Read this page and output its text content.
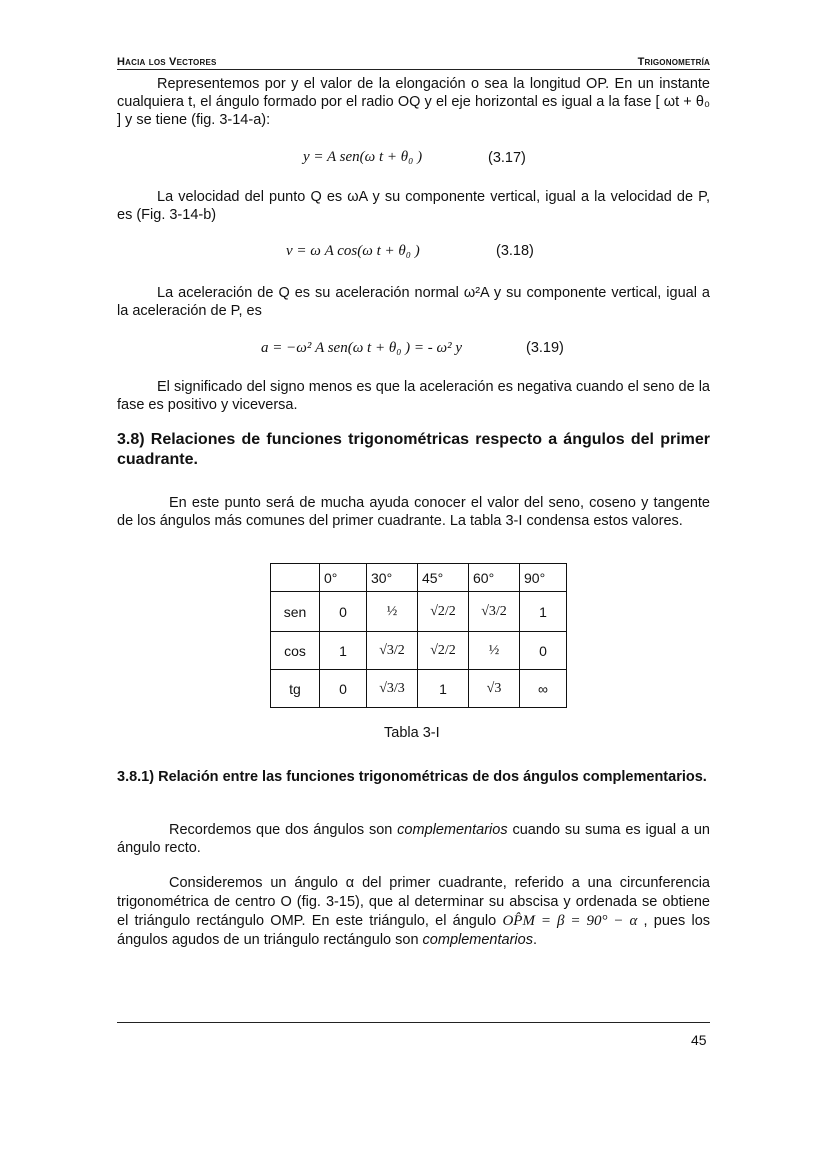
Hacia los Vectores	Trigonometría
Representemos por y el valor de la elongación o sea la longitud OP. En un instante cualquiera t, el ángulo formado por el radio OQ y el eje horizontal es igual a la fase [ ωt + θ₀ ] y se tiene (fig. 3-14-a):
y = A sen(ω t + θ₀ )	(3.17)
La velocidad del punto Q es ωA y su componente vertical, igual a la velocidad de P, es (Fig. 3-14-b)
v = ω A cos(ω t + θ₀ )	(3.18)
La aceleración de Q es su aceleración normal ω²A y su componente vertical, igual a la aceleración de P, es
a = −ω² A sen(ω t + θ₀ ) = - ω² y	(3.19)
El significado del signo menos es que la aceleración es negativa cuando el seno de la fase es positivo y viceversa.
3.8) Relaciones de funciones trigonométricas respecto a ángulos del primer cuadrante.
En este punto será de mucha ayuda conocer el valor del seno, coseno y tangente de los ángulos más comunes del primer cuadrante. La tabla 3-I condensa estos valores.
	0°	30°	45°	60°	90°
sen	0	½	√2/2	√3/2	1
cos	1	√3/2	√2/2	½	0
tg	0	√3/3	1	√3	∞
Tabla 3-I
3.8.1) Relación entre las funciones trigonométricas de dos ángulos complementarios.
Recordemos que dos ángulos son complementarios cuando su suma es igual a un ángulo recto.
Consideremos un ángulo α del primer cuadrante, referido a una circunferencia trigonométrica de centro O (fig. 3-15), que al determinar su abscisa y ordenada se obtiene el triángulo rectángulo OMP. En este triángulo, el ángulo OP̂M = β = 90° − α , pues los ángulos agudos de un triángulo rectángulo son complementarios.
45
